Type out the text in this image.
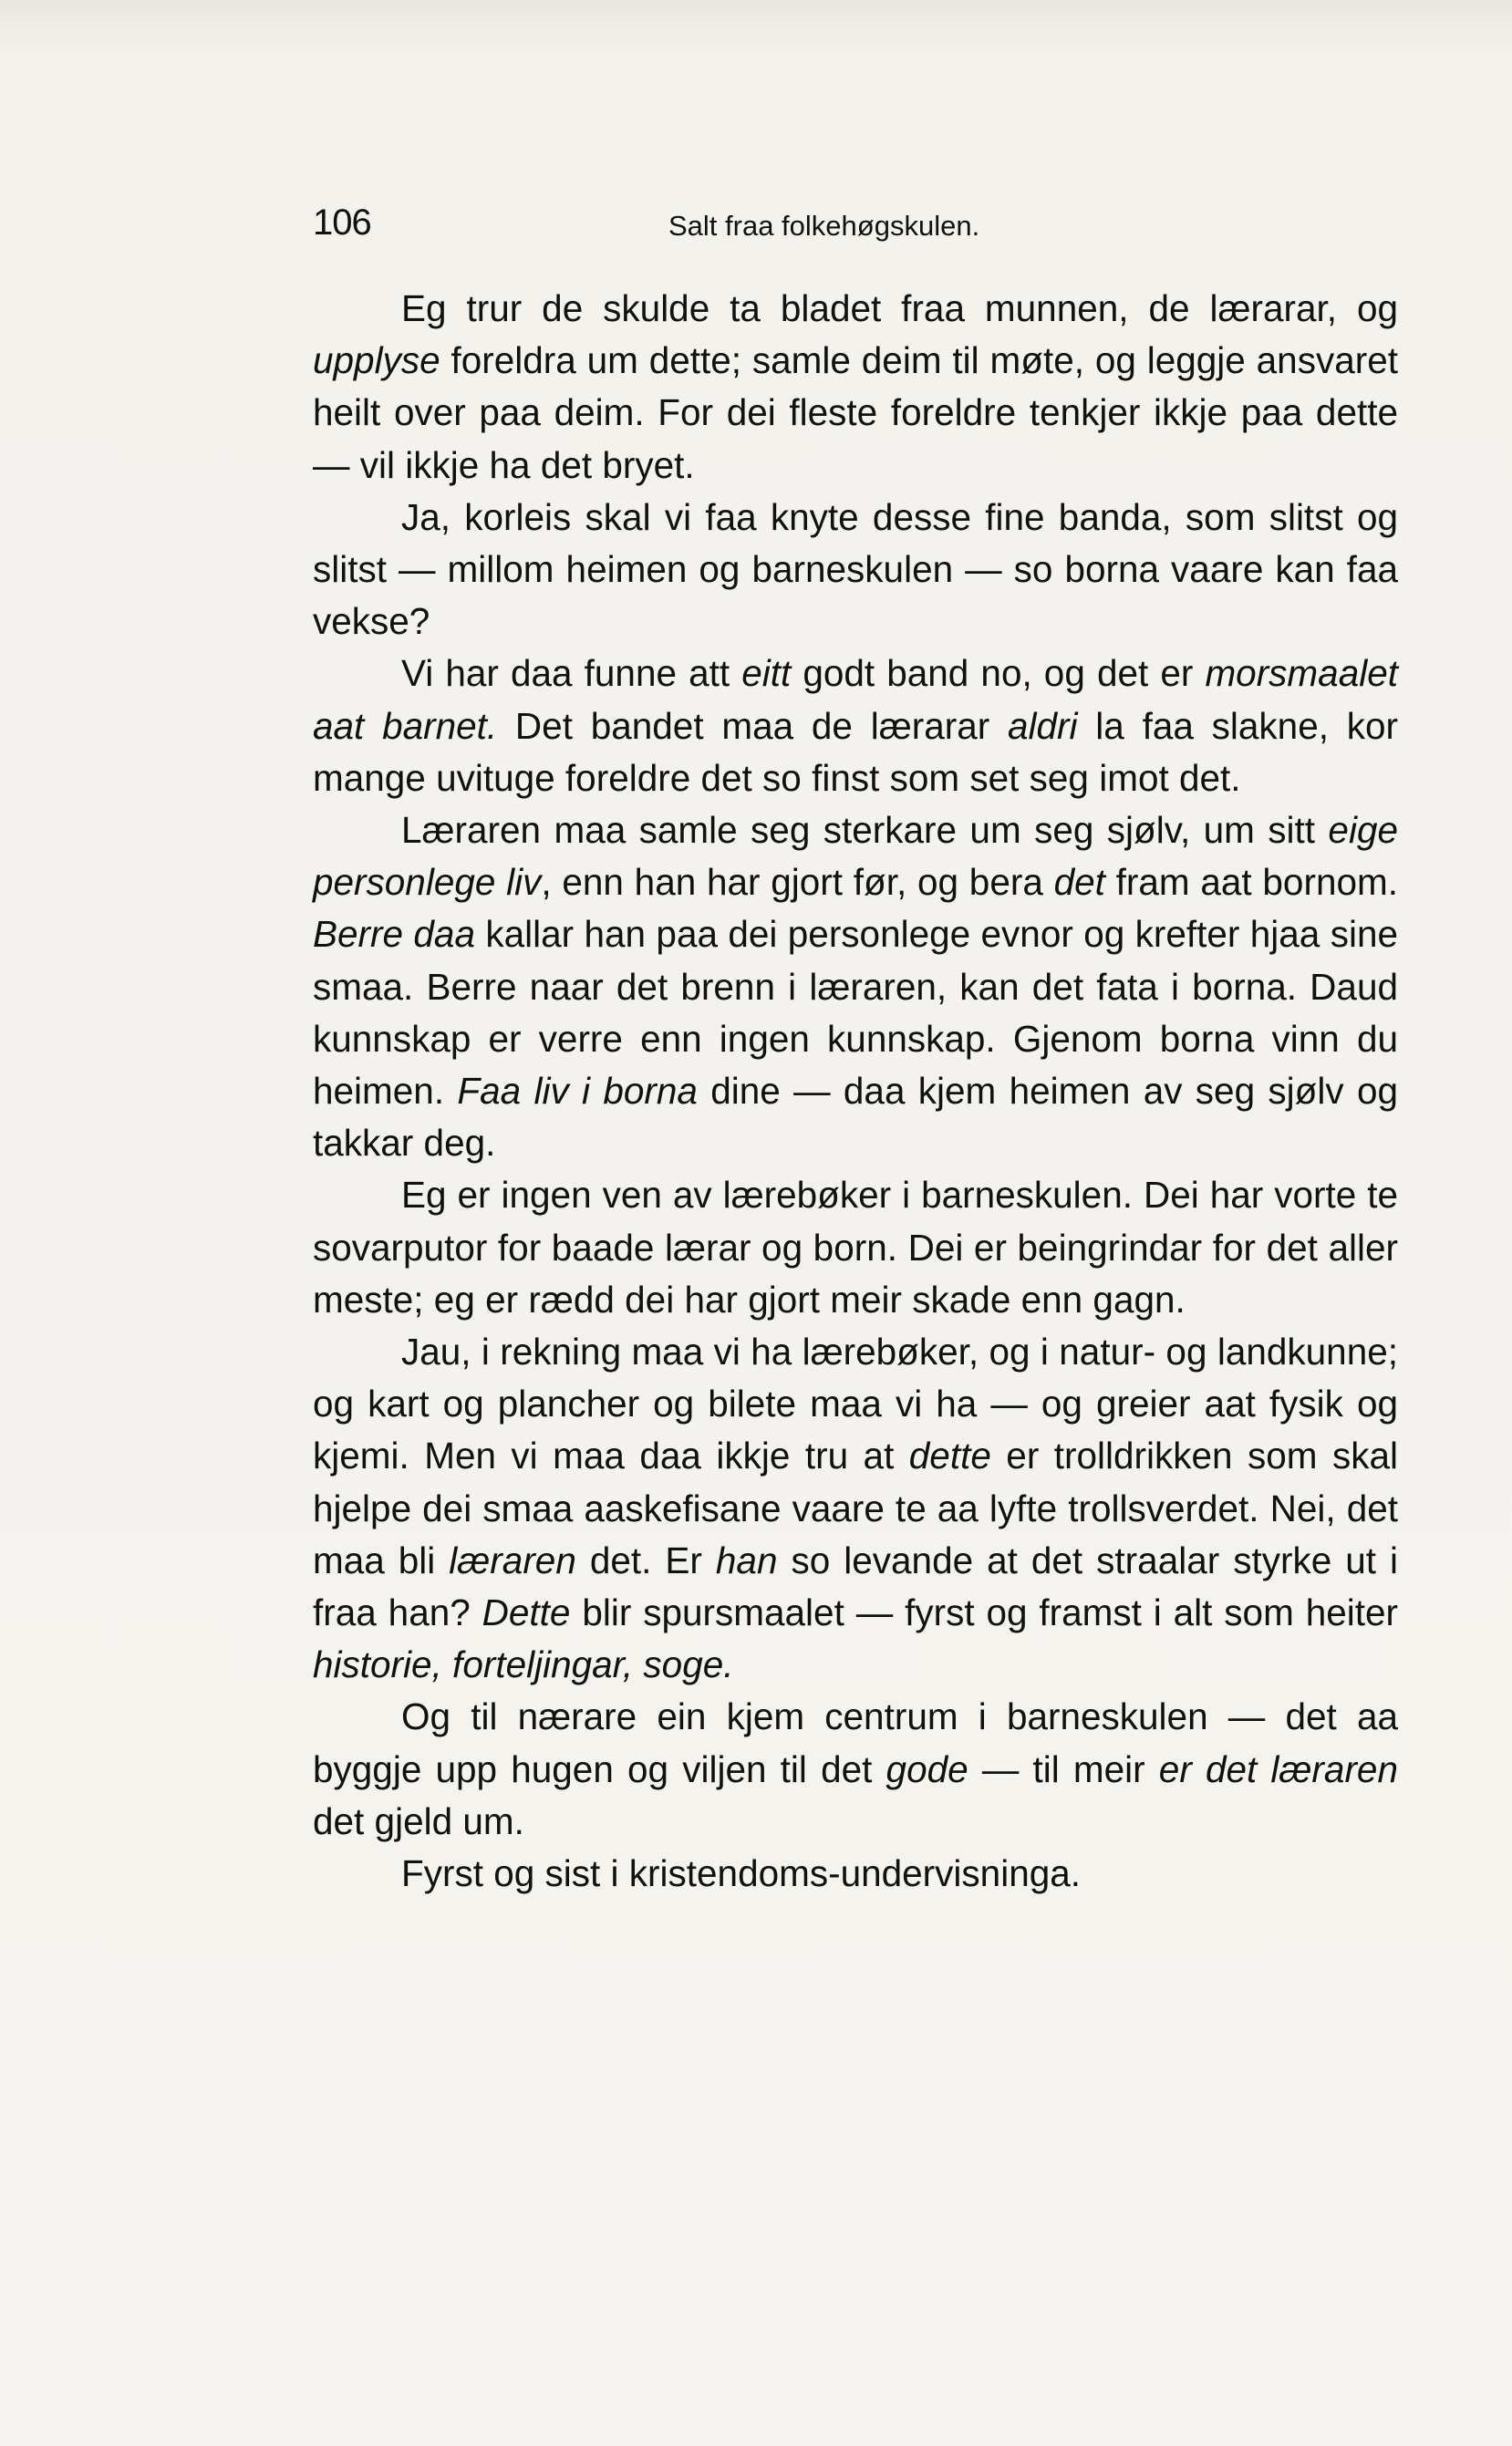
106	Salt fraa folkehøgskulen.

Eg trur de skulde ta bladet fraa munnen, de lærarar, og upplyse foreldra um dette; samle deim til møte, og leggje ansvaret heilt over paa deim. For dei fleste foreldre tenkjer ikkje paa dette — vil ikkje ha det bryet.

Ja, korleis skal vi faa knyte desse fine banda, som slitst og slitst — millom heimen og barneskulen — so borna vaare kan faa vekse?

Vi har daa funne att eitt godt band no, og det er morsmaalet aat barnet. Det bandet maa de lærarar aldri la faa slakne, kor mange uvituge foreldre det so finst som set seg imot det.

Læraren maa samle seg sterkare um seg sjølv, um sitt eige personlege liv, enn han har gjort før, og bera det fram aat bornom. Berre daa kallar han paa dei personlege evnor og krefter hjaa sine smaa. Berre naar det brenn i læraren, kan det fata i borna. Daud kunnskap er verre enn ingen kunnskap. Gjenom borna vinn du heimen. Faa liv i borna dine — daa kjem heimen av seg sjølv og takkar deg.

Eg er ingen ven av lærebøker i barneskulen. Dei har vorte te sovarputor for baade lærar og born. Dei er beingrindar for det aller meste; eg er rædd dei har gjort meir skade enn gagn.

Jau, i rekning maa vi ha lærebøker, og i natur- og landkunne; og kart og plancher og bilete maa vi ha — og greier aat fysik og kjemi. Men vi maa daa ikkje tru at dette er trolldrikken som skal hjelpe dei smaa aaskefisane vaare te aa lyfte trollsverdet. Nei, det maa bli læraren det. Er han so levande at det straalar styrke ut i fraa han? Dette blir spursmaalet — fyrst og framst i alt som heiter historie, forteljingar, soge.

Og til nærare ein kjem centrum i barneskulen — det aa byggje upp hugen og viljen til det gode — til meir er det læraren det gjeld um.

Fyrst og sist i kristendoms-undervisninga.
